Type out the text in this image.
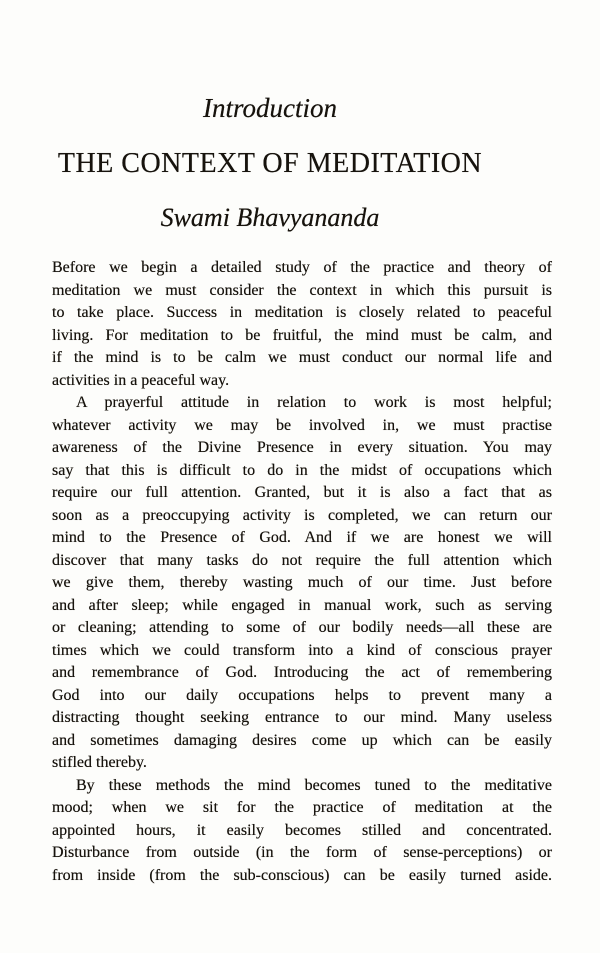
Introduction
THE CONTEXT OF MEDITATION
Swami Bhavyananda
Before we begin a detailed study of the practice and theory of
meditation we must consider the context in which this pursuit is
to take place. Success in meditation is closely related to peaceful
living. For meditation to be fruitful, the mind must be calm, and
if the mind is to be calm we must conduct our normal life and
activities in a peaceful way.
A prayerful attitude in relation to work is most helpful;
whatever activity we may be involved in, we must practise
awareness of the Divine Presence in every situation. You may
say that this is difficult to do in the midst of occupations which
require our full attention. Granted, but it is also a fact that as
soon as a preoccupying activity is completed, we can return our
mind to the Presence of God. And if we are honest we will
discover that many tasks do not require the full attention which
we give them, thereby wasting much of our time. Just before
and after sleep; while engaged in manual work, such as serving
or cleaning; attending to some of our bodily needs—all these are
times which we could transform into a kind of conscious prayer
and remembrance of God. Introducing the act of remembering
God into our daily occupations helps to prevent many a
distracting thought seeking entrance to our mind. Many useless
and sometimes damaging desires come up which can be easily
stifled thereby.
By these methods the mind becomes tuned to the meditative
mood; when we sit for the practice of meditation at the
appointed hours, it easily becomes stilled and concentrated.
Disturbance from outside (in the form of sense-perceptions) or
from inside (from the sub-conscious) can be easily turned aside.
